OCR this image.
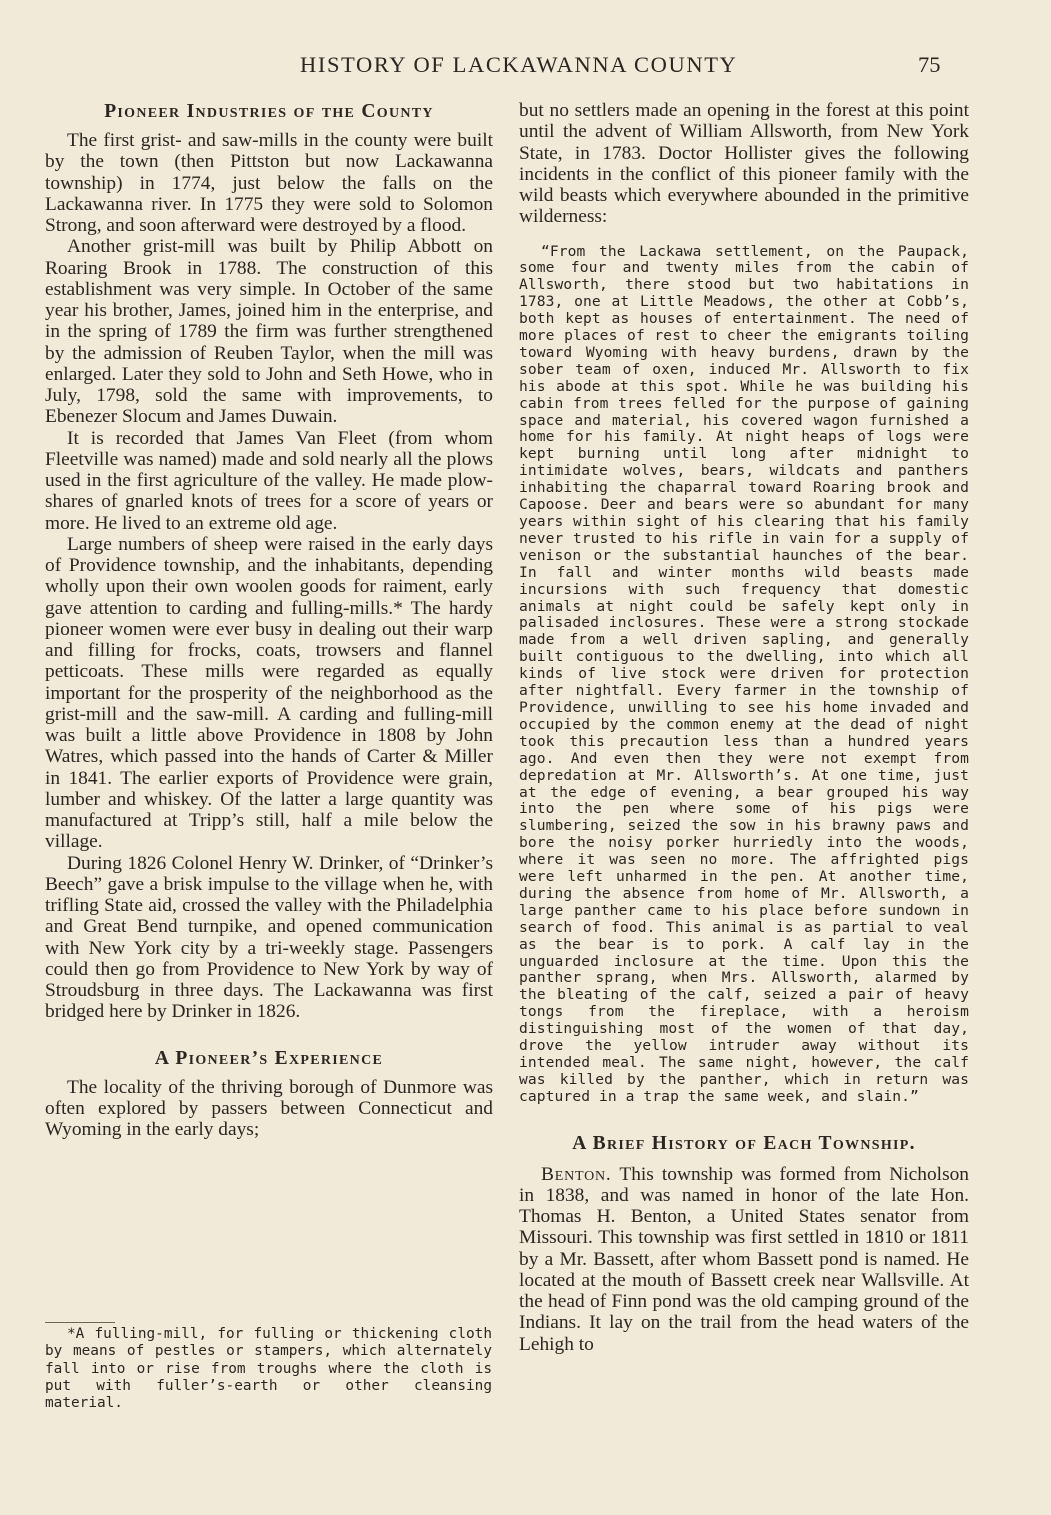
HISTORY OF LACKAWANNA COUNTY	75
Pioneer Industries of the County

The first grist- and saw-mills in the county were built by the town (then Pittston but now Lackawanna township) in 1774, just below the falls on the Lackawanna river. In 1775 they were sold to Solomon Strong, and soon afterward were destroyed by a flood.

Another grist-mill was built by Philip Abbott on Roaring Brook in 1788. The construction of this establishment was very simple. In October of the same year his brother, James, joined him in the enterprise, and in the spring of 1789 the firm was further strengthened by the admission of Reuben Taylor, when the mill was enlarged. Later they sold to John and Seth Howe, who in July, 1798, sold the same with improvements, to Ebenezer Slocum and James Duwain.

It is recorded that James Van Fleet (from whom Fleetville was named) made and sold nearly all the plows used in the first agriculture of the valley. He made plow-shares of gnarled knots of trees for a score of years or more. He lived to an extreme old age.

Large numbers of sheep were raised in the early days of Providence township, and the inhabitants, depending wholly upon their own woolen goods for raiment, early gave attention to carding and fulling-mills.* The hardy pioneer women were ever busy in dealing out their warp and filling for frocks, coats, trowsers and flannel petticoats. These mills were regarded as equally important for the prosperity of the neighborhood as the grist-mill and the saw-mill. A carding and fulling-mill was built a little above Providence in 1808 by John Watres, which passed into the hands of Carter & Miller in 1841. The earlier exports of Providence were grain, lumber and whiskey. Of the latter a large quantity was manufactured at Tripp’s still, half a mile below the village.

During 1826 Colonel Henry W. Drinker, of “Drinker’s Beech” gave a brisk impulse to the village when he, with trifling State aid, crossed the valley with the Philadelphia and Great Bend turnpike, and opened communication with New York city by a tri-weekly stage. Passengers could then go from Providence to New York by way of Stroudsburg in three days. The Lackawanna was first bridged here by Drinker in 1826.

A Pioneer’s Experience

The locality of the thriving borough of Dunmore was often explored by passers between Connecticut and Wyoming in the early days;

*A fulling-mill, for fulling or thickening cloth by means of pestles or stampers, which alternately fall into or rise from troughs where the cloth is put with fuller’s-earth or other cleansing material.

but no settlers made an opening in the forest at this point until the advent of William Allsworth, from New York State, in 1783. Doctor Hollister gives the following incidents in the conflict of this pioneer family with the wild beasts which everywhere abounded in the primitive wilderness:

“From the Lackawa settlement, on the Paupack, some four and twenty miles from the cabin of Allsworth, there stood but two habitations in 1783, one at Little Meadows, the other at Cobb’s, both kept as houses of entertainment. The need of more places of rest to cheer the emigrants toiling toward Wyoming with heavy burdens, drawn by the sober team of oxen, induced Mr. Allsworth to fix his abode at this spot. While he was building his cabin from trees felled for the purpose of gaining space and material, his covered wagon furnished a home for his family. At night heaps of logs were kept burning until long after midnight to intimidate wolves, bears, wildcats and panthers inhabiting the chaparral toward Roaring brook and Capoose. Deer and bears were so abundant for many years within sight of his clearing that his family never trusted to his rifle in vain for a supply of venison or the substantial haunches of the bear. In fall and winter months wild beasts made incursions with such frequency that domestic animals at night could be safely kept only in palisaded inclosures. These were a strong stockade made from a well driven sapling, and generally built contiguous to the dwelling, into which all kinds of live stock were driven for protection after nightfall. Every farmer in the township of Providence, unwilling to see his home invaded and occupied by the common enemy at the dead of night took this precaution less than a hundred years ago. And even then they were not exempt from depredation at Mr. Allsworth’s. At one time, just at the edge of evening, a bear grouped his way into the pen where some of his pigs were slumbering, seized the sow in his brawny paws and bore the noisy porker hurriedly into the woods, where it was seen no more. The affrighted pigs were left unharmed in the pen. At another time, during the absence from home of Mr. Allsworth, a large panther came to his place before sundown in search of food. This animal is as partial to veal as the bear is to pork. A calf lay in the unguarded inclosure at the time. Upon this the panther sprang, when Mrs. Allsworth, alarmed by the bleating of the calf, seized a pair of heavy tongs from the fireplace, with a heroism distinguishing most of the women of that day, drove the yellow intruder away without its intended meal. The same night, however, the calf was killed by the panther, which in return was captured in a trap the same week, and slain.”

A Brief History of Each Township.

Benton. This township was formed from Nicholson in 1838, and was named in honor of the late Hon. Thomas H. Benton, a United States senator from Missouri. This township was first settled in 1810 or 1811 by a Mr. Bassett, after whom Bassett pond is named. He located at the mouth of Bassett creek near Wallsville. At the head of Finn pond was the old camping ground of the Indians. It lay on the trail from the head waters of the Lehigh to
